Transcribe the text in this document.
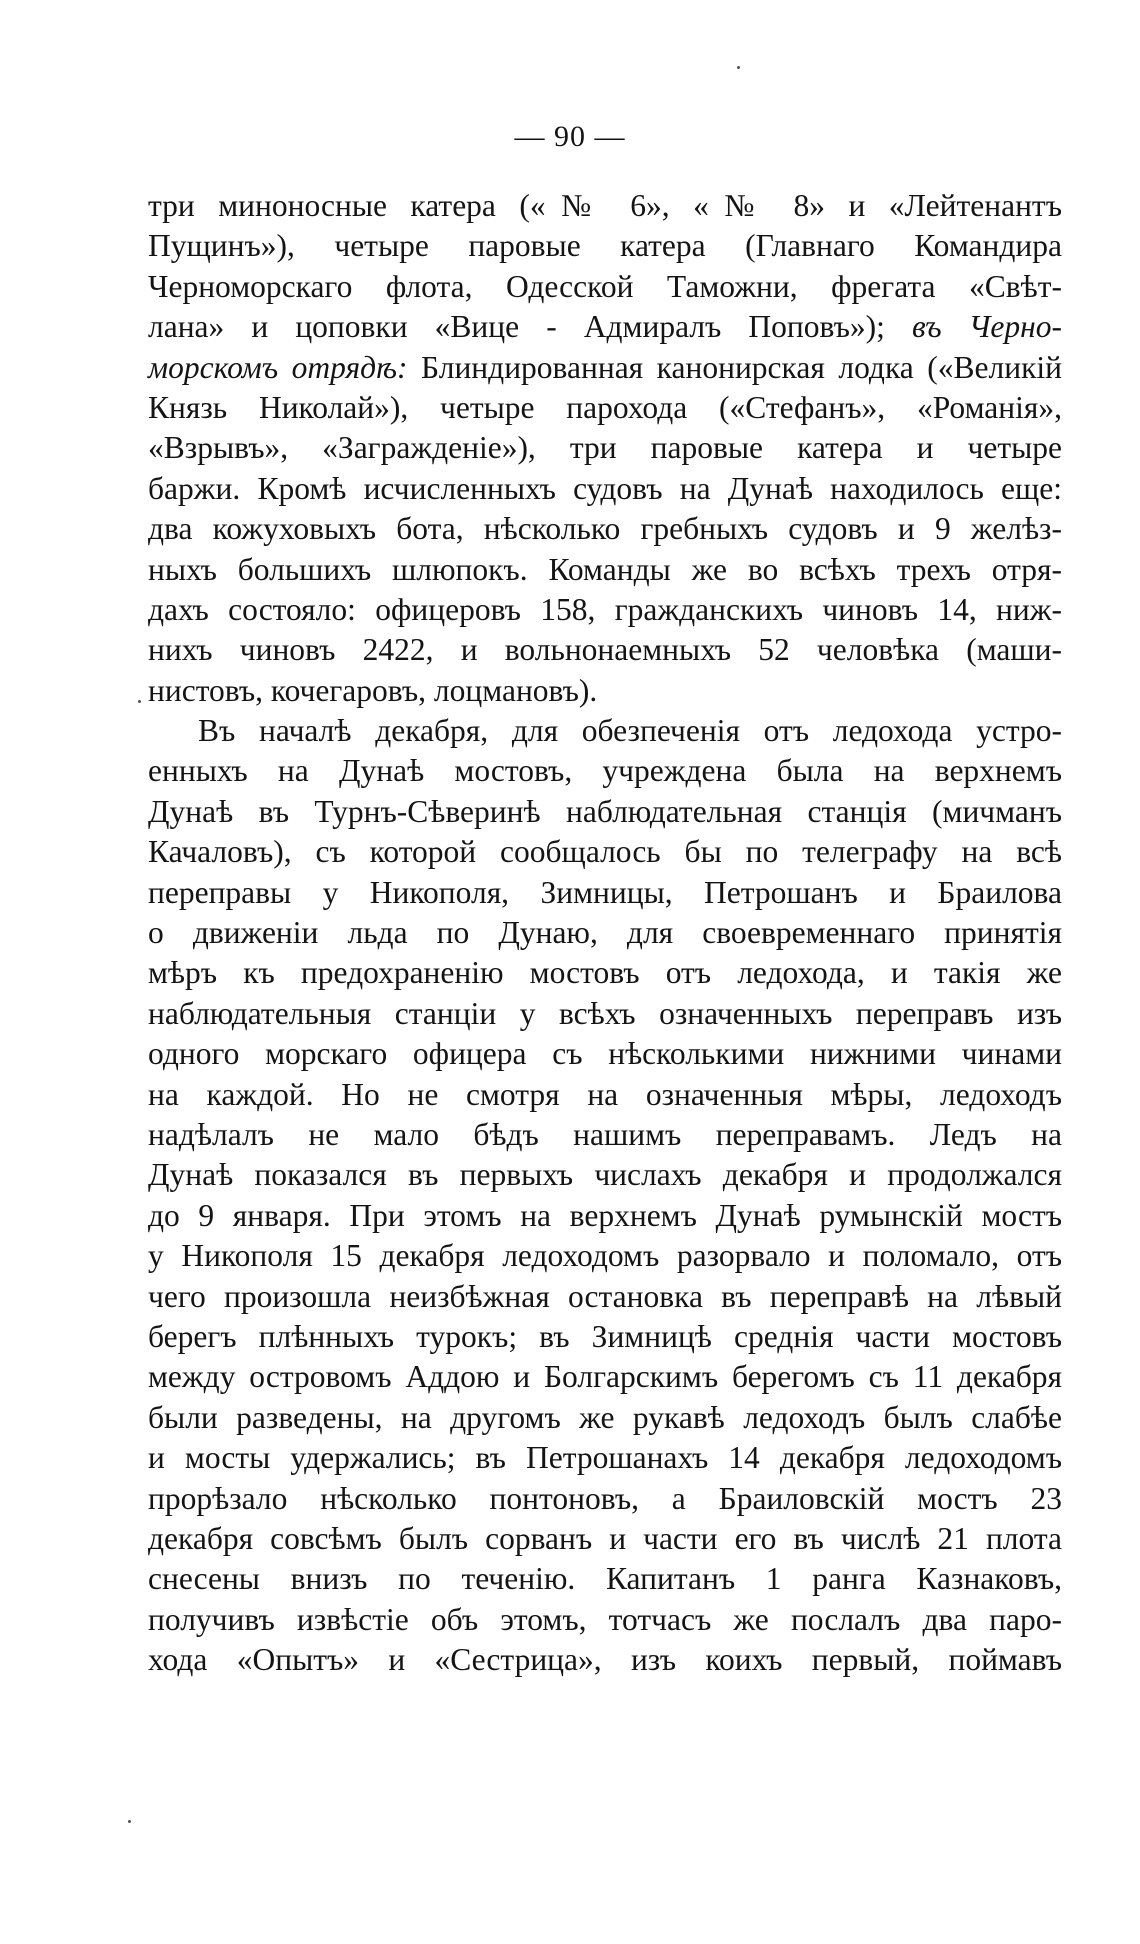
— 90 —
три миноносные катера («№ 6», «№ 8» и «Лейтенантъ
Пущинъ»), четыре паровые катера (Главнаго Командира
Черноморскаго флота, Одесской Таможни, фрегата «Свѣт-
лана» и цоповки «Вице - Адмиралъ Поповъ»); въ Черно-
морскомъ отрядѣ: Блиндированная канонирская лодка («Великій
Князь Николай»), четыре парохода («Стефанъ», «Романія»,
«Взрывъ», «Загражденіе»), три паровые катера и четыре
баржи. Кромѣ исчисленныхъ судовъ на Дунаѣ находилось еще:
два кожуховыхъ бота, нѣсколько гребныхъ судовъ и 9 желѣз-
ныхъ большихъ шлюпокъ. Команды же во всѣхъ трехъ отря-
дахъ состояло: офицеровъ 158, гражданскихъ чиновъ 14, ниж-
нихъ чиновъ 2422, и вольнонаемныхъ 52 человѣка (маши-
нистовъ, кочегаровъ, лоцмановъ).
Въ началѣ декабря, для обезпеченія отъ ледохода устро-
енныхъ на Дунаѣ мостовъ, учреждена была на верхнемъ
Дунаѣ въ Турнъ-Сѣверинѣ наблюдательная станція (мичманъ
Качаловъ), съ которой сообщалось бы по телеграфу на всѣ
переправы у Никополя, Зимницы, Петрошанъ и Браилова
о движеніи льда по Дунаю, для своевременнаго принятія
мѣръ къ предохраненію мостовъ отъ ледохода, и такія же
наблюдательныя станціи у всѣхъ означенныхъ переправъ изъ
одного морскаго офицера съ нѣсколькими нижними чинами
на каждой. Но не смотря на означенныя мѣры, ледоходъ
надѣлалъ не мало бѣдъ нашимъ переправамъ. Ледъ на
Дунаѣ показался въ первыхъ числахъ декабря и продолжался
до 9 января. При этомъ на верхнемъ Дунаѣ румынскій мостъ
у Никополя 15 декабря ледоходомъ разорвало и поломало, отъ
чего произошла неизбѣжная остановка въ переправѣ на лѣвый
берегъ плѣнныхъ турокъ; въ Зимницѣ среднія части мостовъ
между островомъ Аддою и Болгарскимъ берегомъ съ 11 декабря
были разведены, на другомъ же рукавѣ ледоходъ былъ слабѣе
и мосты удержались; въ Петрошанахъ 14 декабря ледоходомъ
прорѣзало нѣсколько понтоновъ, а Браиловскій мостъ 23
декабря совсѣмъ былъ сорванъ и части его въ числѣ 21 плота
снесены внизъ по теченію. Капитанъ 1 ранга Казнаковъ,
получивъ извѣстіе объ этомъ, тотчасъ же послалъ два паро-
хода «Опытъ» и «Сестрица», изъ коихъ первый, поймавъ
